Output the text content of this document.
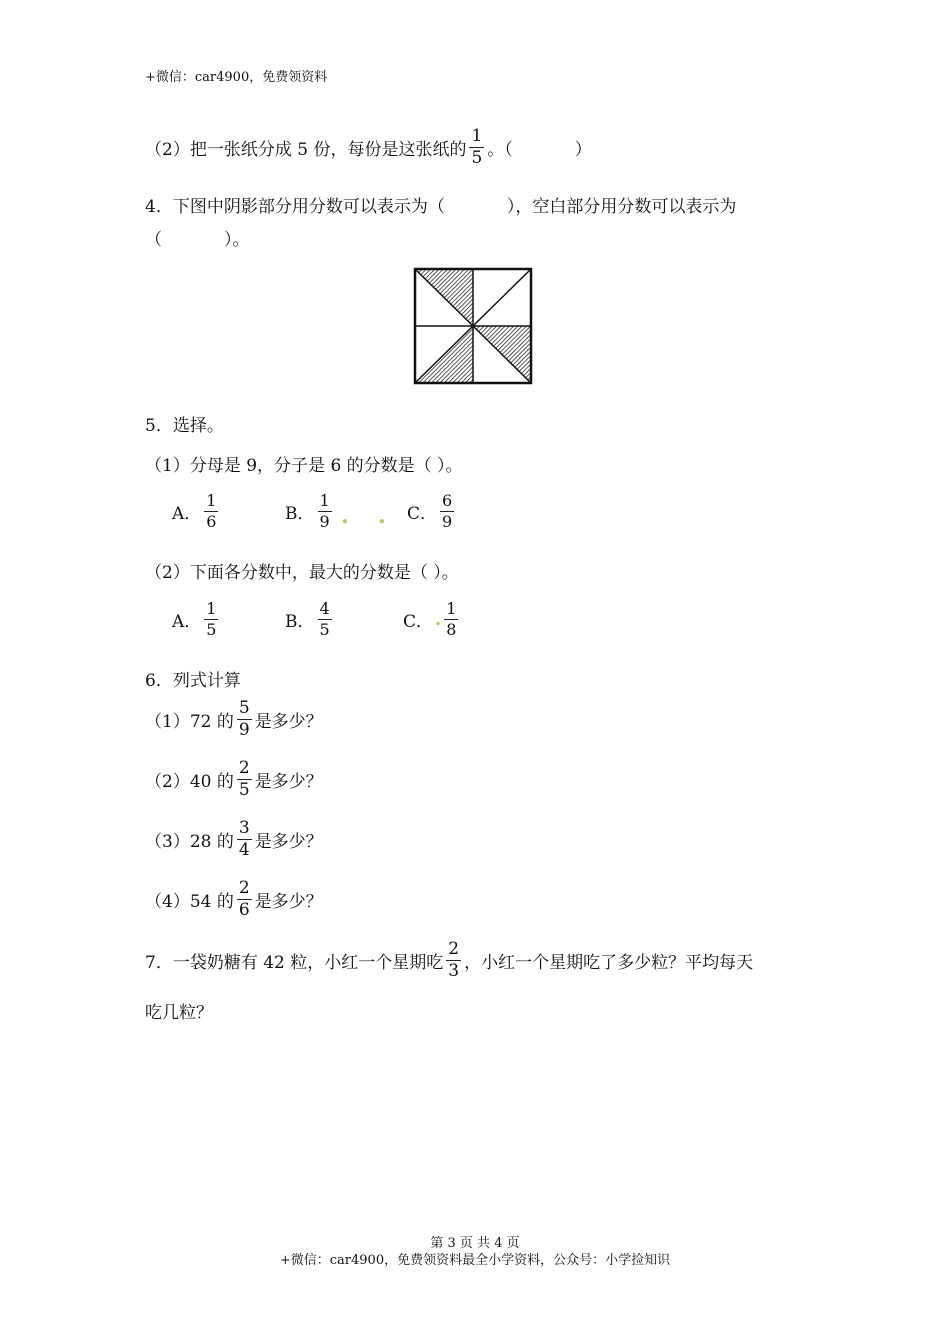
+微信：car4900，免费领资料
（2）把一张纸分成 5 份，每份是这张纸的 $\frac{1}{5}$ 。（	）
4．下图中阴影部分用分数可以表示为（	），空白部分用分数可以表示为
（	）。
5．选择。
（1）分母是 9，分子是 6 的分数是（ ）。
A． $\frac{1}{6}$	B． $\frac{1}{9}$ . . C． $\frac{6}{9}$
（2）下面各分数中，最大的分数是（ ）。
A． $\frac{1}{5}$	B． $\frac{4}{5}$	C． . $\frac{1}{8}$
6．列式计算
（1）72 的 $\frac{5}{9}$ 是多少？
（2）40 的 $\frac{2}{5}$ 是多少？
（3）28 的 $\frac{3}{4}$ 是多少？
（4）54 的 $\frac{2}{6}$ 是多少？
7．一袋奶糖有 42 粒，小红一个星期吃 $\frac{2}{3}$ ，小红一个星期吃了多少粒？平均每天
吃几粒？
第 3 页 共 4 页
+微信：car4900，免费领资料最全小学资料，公众号：小学捡知识
